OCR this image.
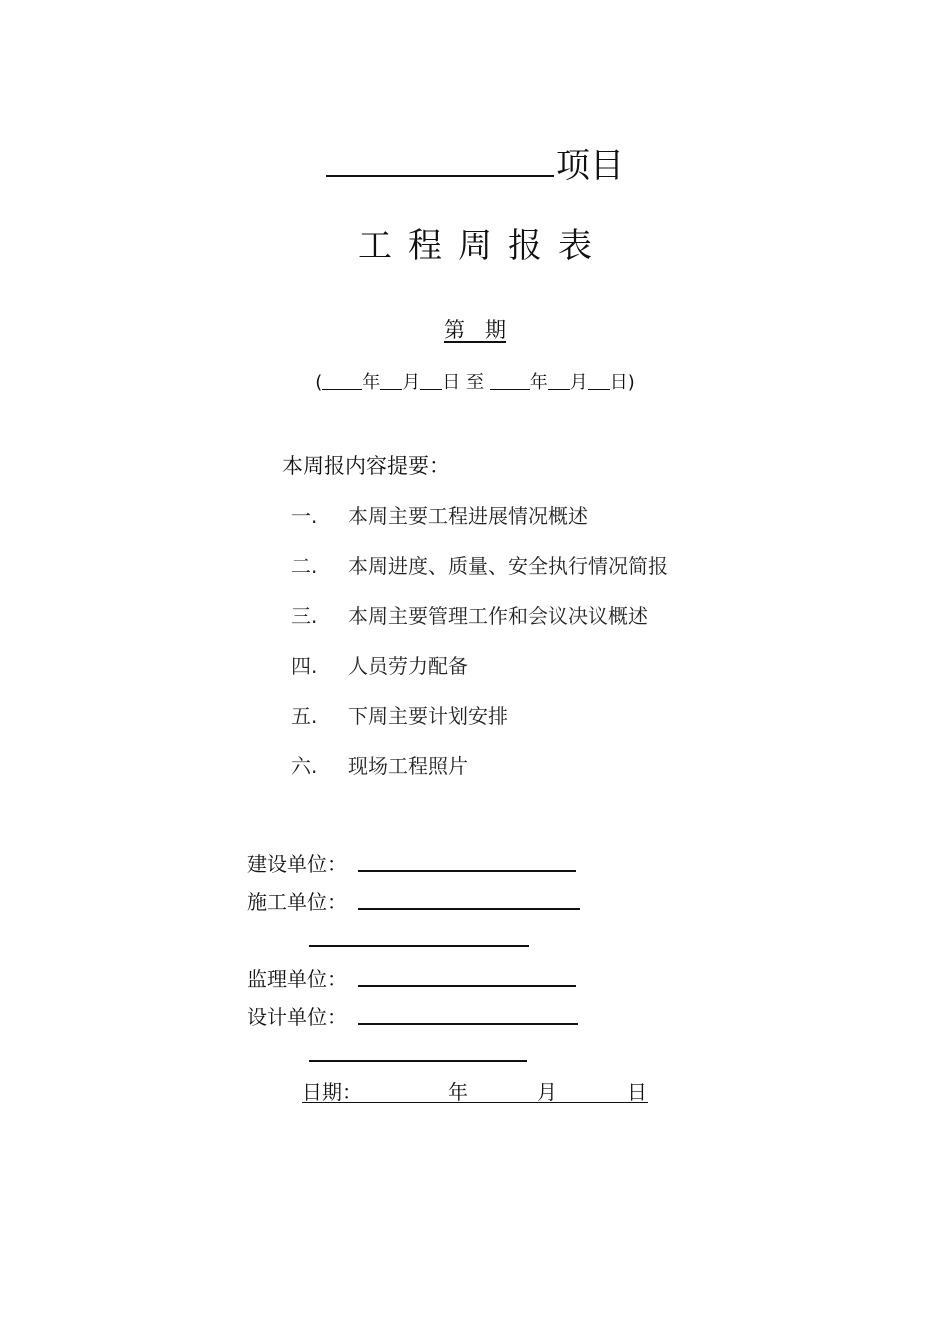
项目
工程周报表
第 期
( 年 月 日 至	年 月 日)
本周报内容提要：
一. 本周主要工程进展情况概述
二. 本周进度、质量、安全执行情况简报
三. 本周主要管理工作和会议决议概述
四. 人员劳力配备
五. 下周主要计划安排
六. 现场工程照片
建设单位：
施工单位：
监理单位：
设计单位：
日期：	年	月	日
